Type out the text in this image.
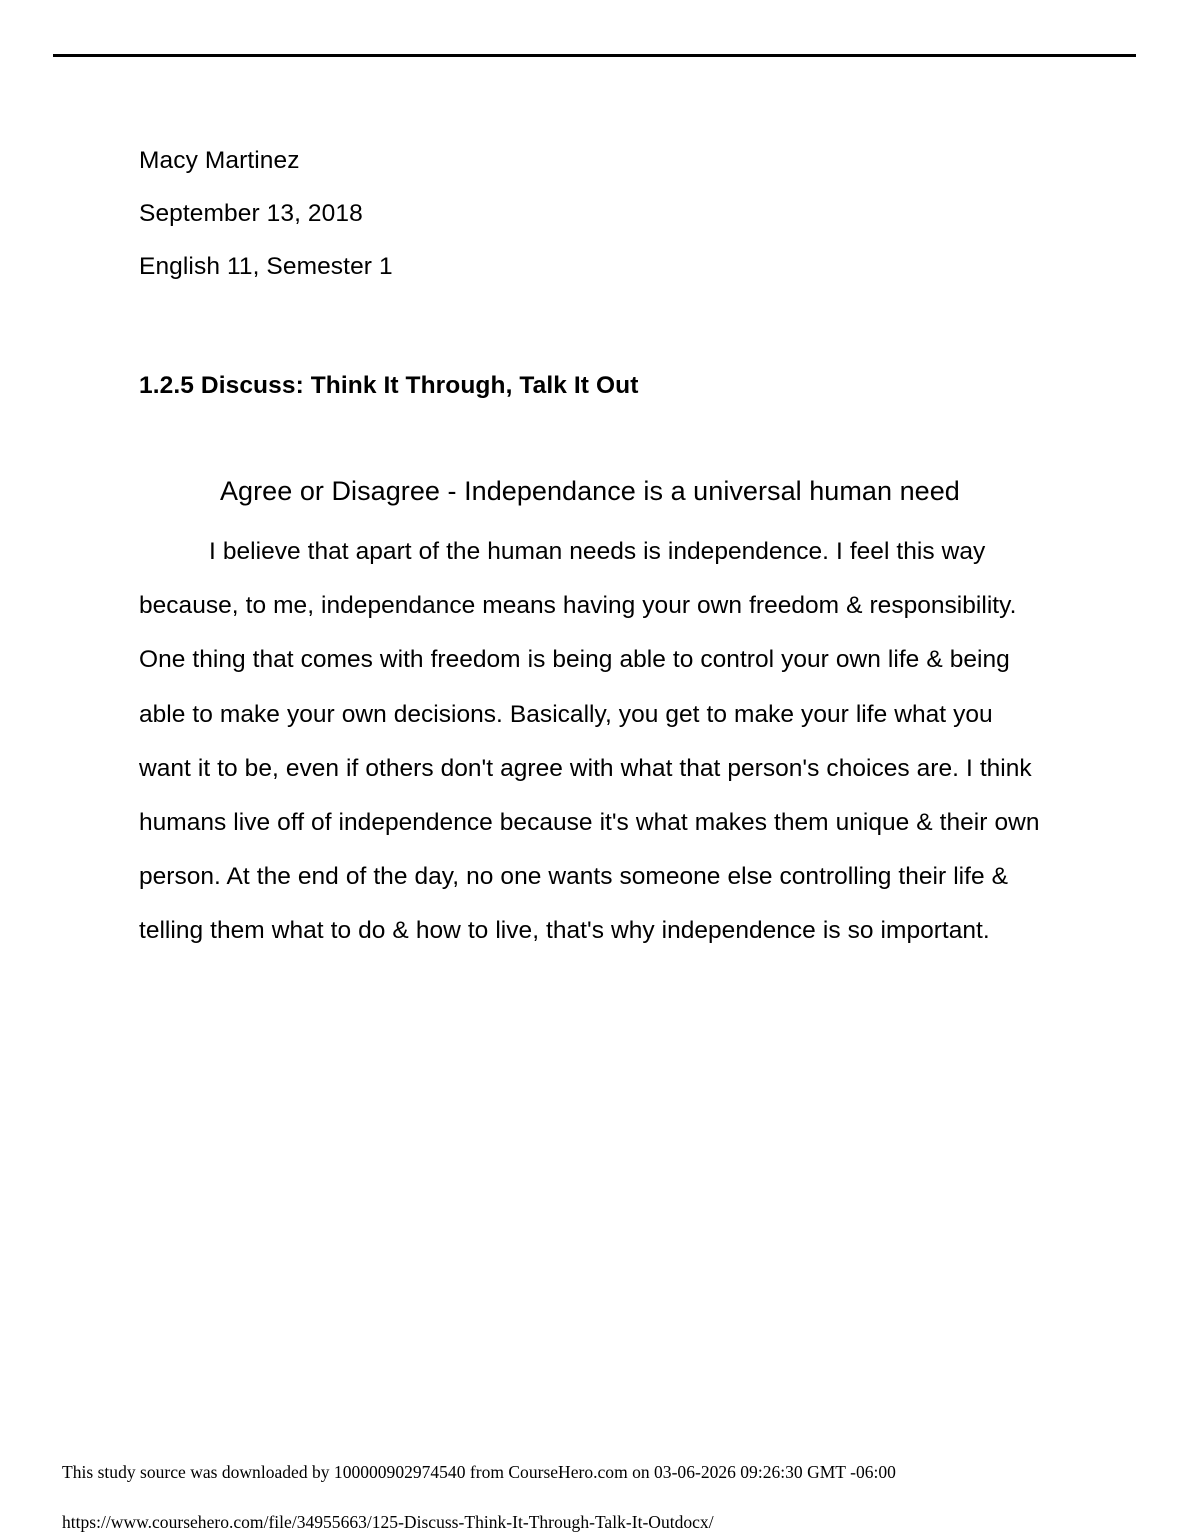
Macy Martinez
September 13, 2018
English 11, Semester 1
1.2.5 Discuss: Think It Through, Talk It Out
Agree or Disagree - Independance is a universal human need
I believe that apart of the human needs is independence. I feel this way because, to me, independance means having your own freedom & responsibility. One thing that comes with freedom is being able to control your own life & being able to make your own decisions. Basically, you get to make your life what you want it to be, even if others don't agree with what that person's choices are. I think humans live off of independence because it's what makes them unique & their own person. At the end of the day, no one wants someone else controlling their life & telling them what to do & how to live, that's why independence is so important.
This study source was downloaded by 100000902974540 from CourseHero.com on 03-06-2026 09:26:30 GMT -06:00
https://www.coursehero.com/file/34955663/125-Discuss-Think-It-Through-Talk-It-Outdocx/
